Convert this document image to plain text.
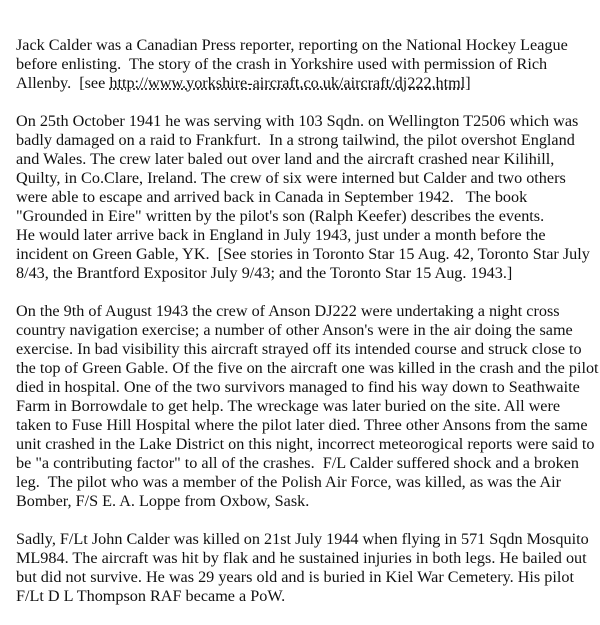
Jack Calder was a Canadian Press reporter, reporting on the National Hockey League
before enlisting.  The story of the crash in Yorkshire used with permission of Rich
Allenby.  [see http://www.yorkshire-aircraft.co.uk/aircraft/dj222.html]

On 25th October 1941 he was serving with 103 Sqdn. on Wellington T2506 which was
badly damaged on a raid to Frankfurt.  In a strong tailwind, the pilot overshot England
and Wales. The crew later baled out over land and the aircraft crashed near Kilihill,
Quilty, in Co.Clare, Ireland. The crew of six were interned but Calder and two others
were able to escape and arrived back in Canada in September 1942.   The book
"Grounded in Eire" written by the pilot's son (Ralph Keefer) describes the events.
He would later arrive back in England in July 1943, just under a month before the
incident on Green Gable, YK.  [See stories in Toronto Star 15 Aug. 42, Toronto Star July
8/43, the Brantford Expositor July 9/43; and the Toronto Star 15 Aug. 1943.]

On the 9th of August 1943 the crew of Anson DJ222 were undertaking a night cross
country navigation exercise; a number of other Anson's were in the air doing the same
exercise. In bad visibility this aircraft strayed off its intended course and struck close to
the top of Green Gable. Of the five on the aircraft one was killed in the crash and the pilot
died in hospital. One of the two survivors managed to find his way down to Seathwaite
Farm in Borrowdale to get help. The wreckage was later buried on the site. All were
taken to Fuse Hill Hospital where the pilot later died. Three other Ansons from the same
unit crashed in the Lake District on this night, incorrect meteorogical reports were said to
be "a contributing factor" to all of the crashes.  F/L Calder suffered shock and a broken
leg.  The pilot who was a member of the Polish Air Force, was killed, as was the Air
Bomber, F/S E. A. Loppe from Oxbow, Sask.

Sadly, F/Lt John Calder was killed on 21st July 1944 when flying in 571 Sqdn Mosquito
ML984. The aircraft was hit by flak and he sustained injuries in both legs. He bailed out
but did not survive. He was 29 years old and is buried in Kiel War Cemetery. His pilot
F/Lt D L Thompson RAF became a PoW.
